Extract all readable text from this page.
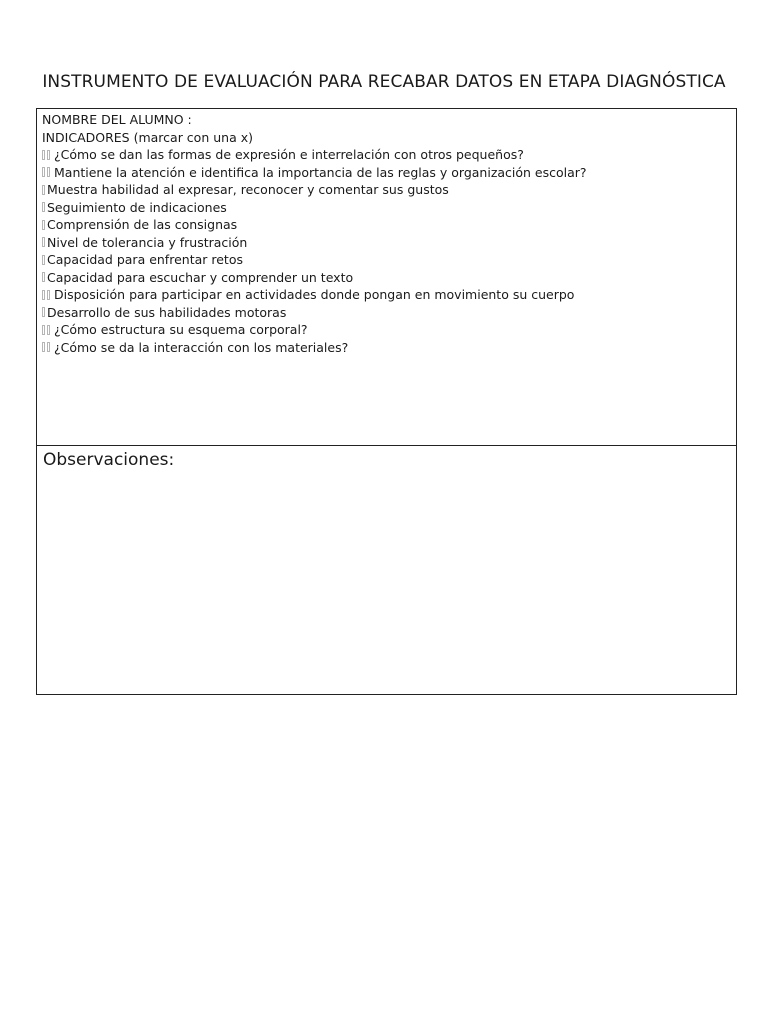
INSTRUMENTO DE EVALUACIÓN PARA RECABAR DATOS EN ETAPA DIAGNÓSTICA
NOMBRE DEL ALUMNO :
INDICADORES (marcar con una x)
¿Cómo se dan las formas de expresión e interrelación con otros pequeños?
Mantiene la atención e identifica la importancia de las reglas y organización escolar?
Muestra habilidad al expresar, reconocer y comentar sus gustos
Seguimiento de indicaciones
Comprensión de las consignas
Nivel de tolerancia y frustración
Capacidad para enfrentar retos
Capacidad para escuchar y comprender un texto
Disposición para participar en actividades donde pongan en movimiento su cuerpo
Desarrollo de sus habilidades motoras
¿Cómo estructura su esquema corporal?
¿Cómo se da la interacción con los materiales?
Observaciones:
